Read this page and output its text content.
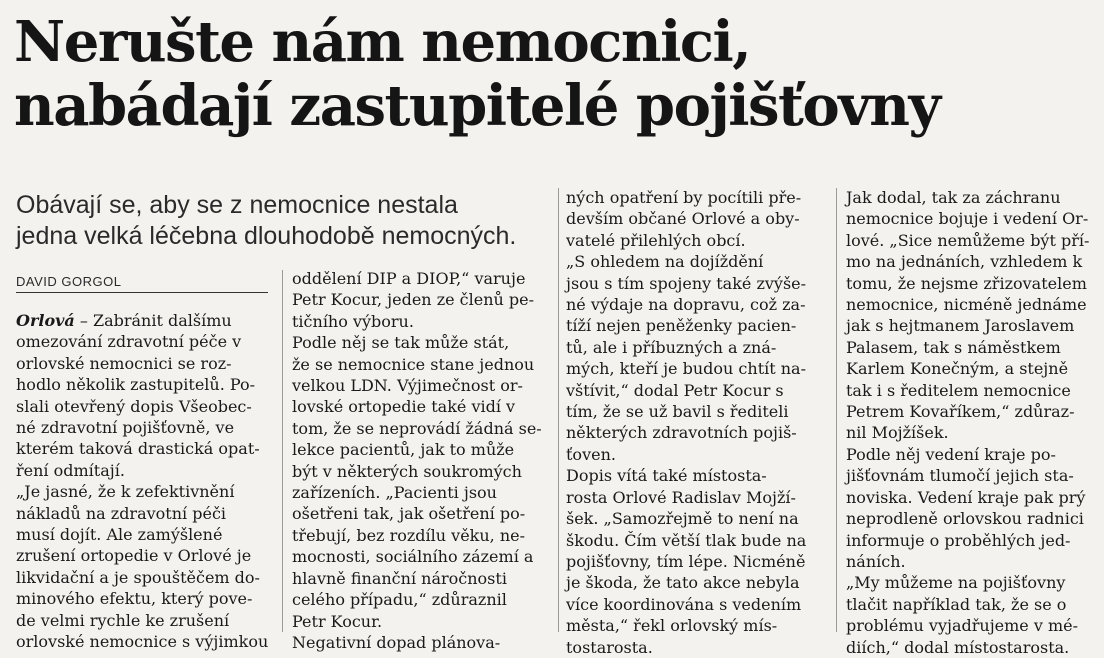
Nerušte nám nemocnici,
nabádají zastupitelé pojišťovny

Obávají se, aby se z nemocnice nestala
jedna velká léčebna dlouhodobě nemocných.

DAVID GORGOL
Orlová – Zabránit dalšímu
omezování zdravotní péče v
orlovské nemocnici se roz-
hodlo několik zastupitelů. Po-
slali otevřený dopis Všeobec-
né zdravotní pojišťovně, ve
kterém taková drastická opat-
ření odmítají.
„Je jasné, že k zefektivnění
nákladů na zdravotní péči
musí dojít. Ale zamýšlené
zrušení ortopedie v Orlové je
likvidační a je spouštěčem do-
minového efektu, který pove-
de velmi rychle ke zrušení
orlovské nemocnice s výjimkou
oddělení DIP a DIOP,“ varuje
Petr Kocur, jeden ze členů pe-
tičního výboru.
Podle něj se tak může stát,
že se nemocnice stane jednou
velkou LDN. Výjimečnost or-
lovské ortopedie také vidí v
tom, že se neprovádí žádná se-
lekce pacientů, jak to může
být v některých soukromých
zařízeních. „Pacienti jsou
ošetřeni tak, jak ošetření po-
třebují, bez rozdílu věku, ne-
mocnosti, sociálního zázemí a
hlavně finanční náročnosti
celého případu,“ zdůraznil
Petr Kocur.
Negativní dopad plánova-
ných opatření by pocítili pře-
devším občané Orlové a oby-
vatelé přilehlých obcí.
„S ohledem na dojíždění
jsou s tím spojeny také zvýše-
né výdaje na dopravu, což za-
tíží nejen peněženky pacien-
tů, ale i příbuzných a zná-
mých, kteří je budou chtít na-
vštívit,“ dodal Petr Kocur s
tím, že se už bavil s řediteli
některých zdravotních pojiš-
ťoven.
Dopis vítá také místosta-
rosta Orlové Radislav Mojží-
šek. „Samozřejmě to není na
škodu. Čím větší tlak bude na
pojišťovny, tím lépe. Nicméně
je škoda, že tato akce nebyla
více koordinována s vedením
města,“ řekl orlovský mís-
tostarosta.
Jak dodal, tak za záchranu
nemocnice bojuje i vedení Or-
lové. „Sice nemůžeme být pří-
mo na jednáních, vzhledem k
tomu, že nejsme zřizovatelem
nemocnice, nicméně jednáme
jak s hejtmanem Jaroslavem
Palasem, tak s náměstkem
Karlem Konečným, a stejně
tak i s ředitelem nemocnice
Petrem Kovaříkem,“ zdůraz-
nil Mojžíšek.
Podle něj vedení kraje po-
jišťovnám tlumočí jejich sta-
noviska. Vedení kraje pak prý
neprodleně orlovskou radnici
informuje o proběhlých jed-
náních.
„My můžeme na pojišťovny
tlačit například tak, že se o
problému vyjadřujeme v mé-
diích,“ dodal místostarosta.
